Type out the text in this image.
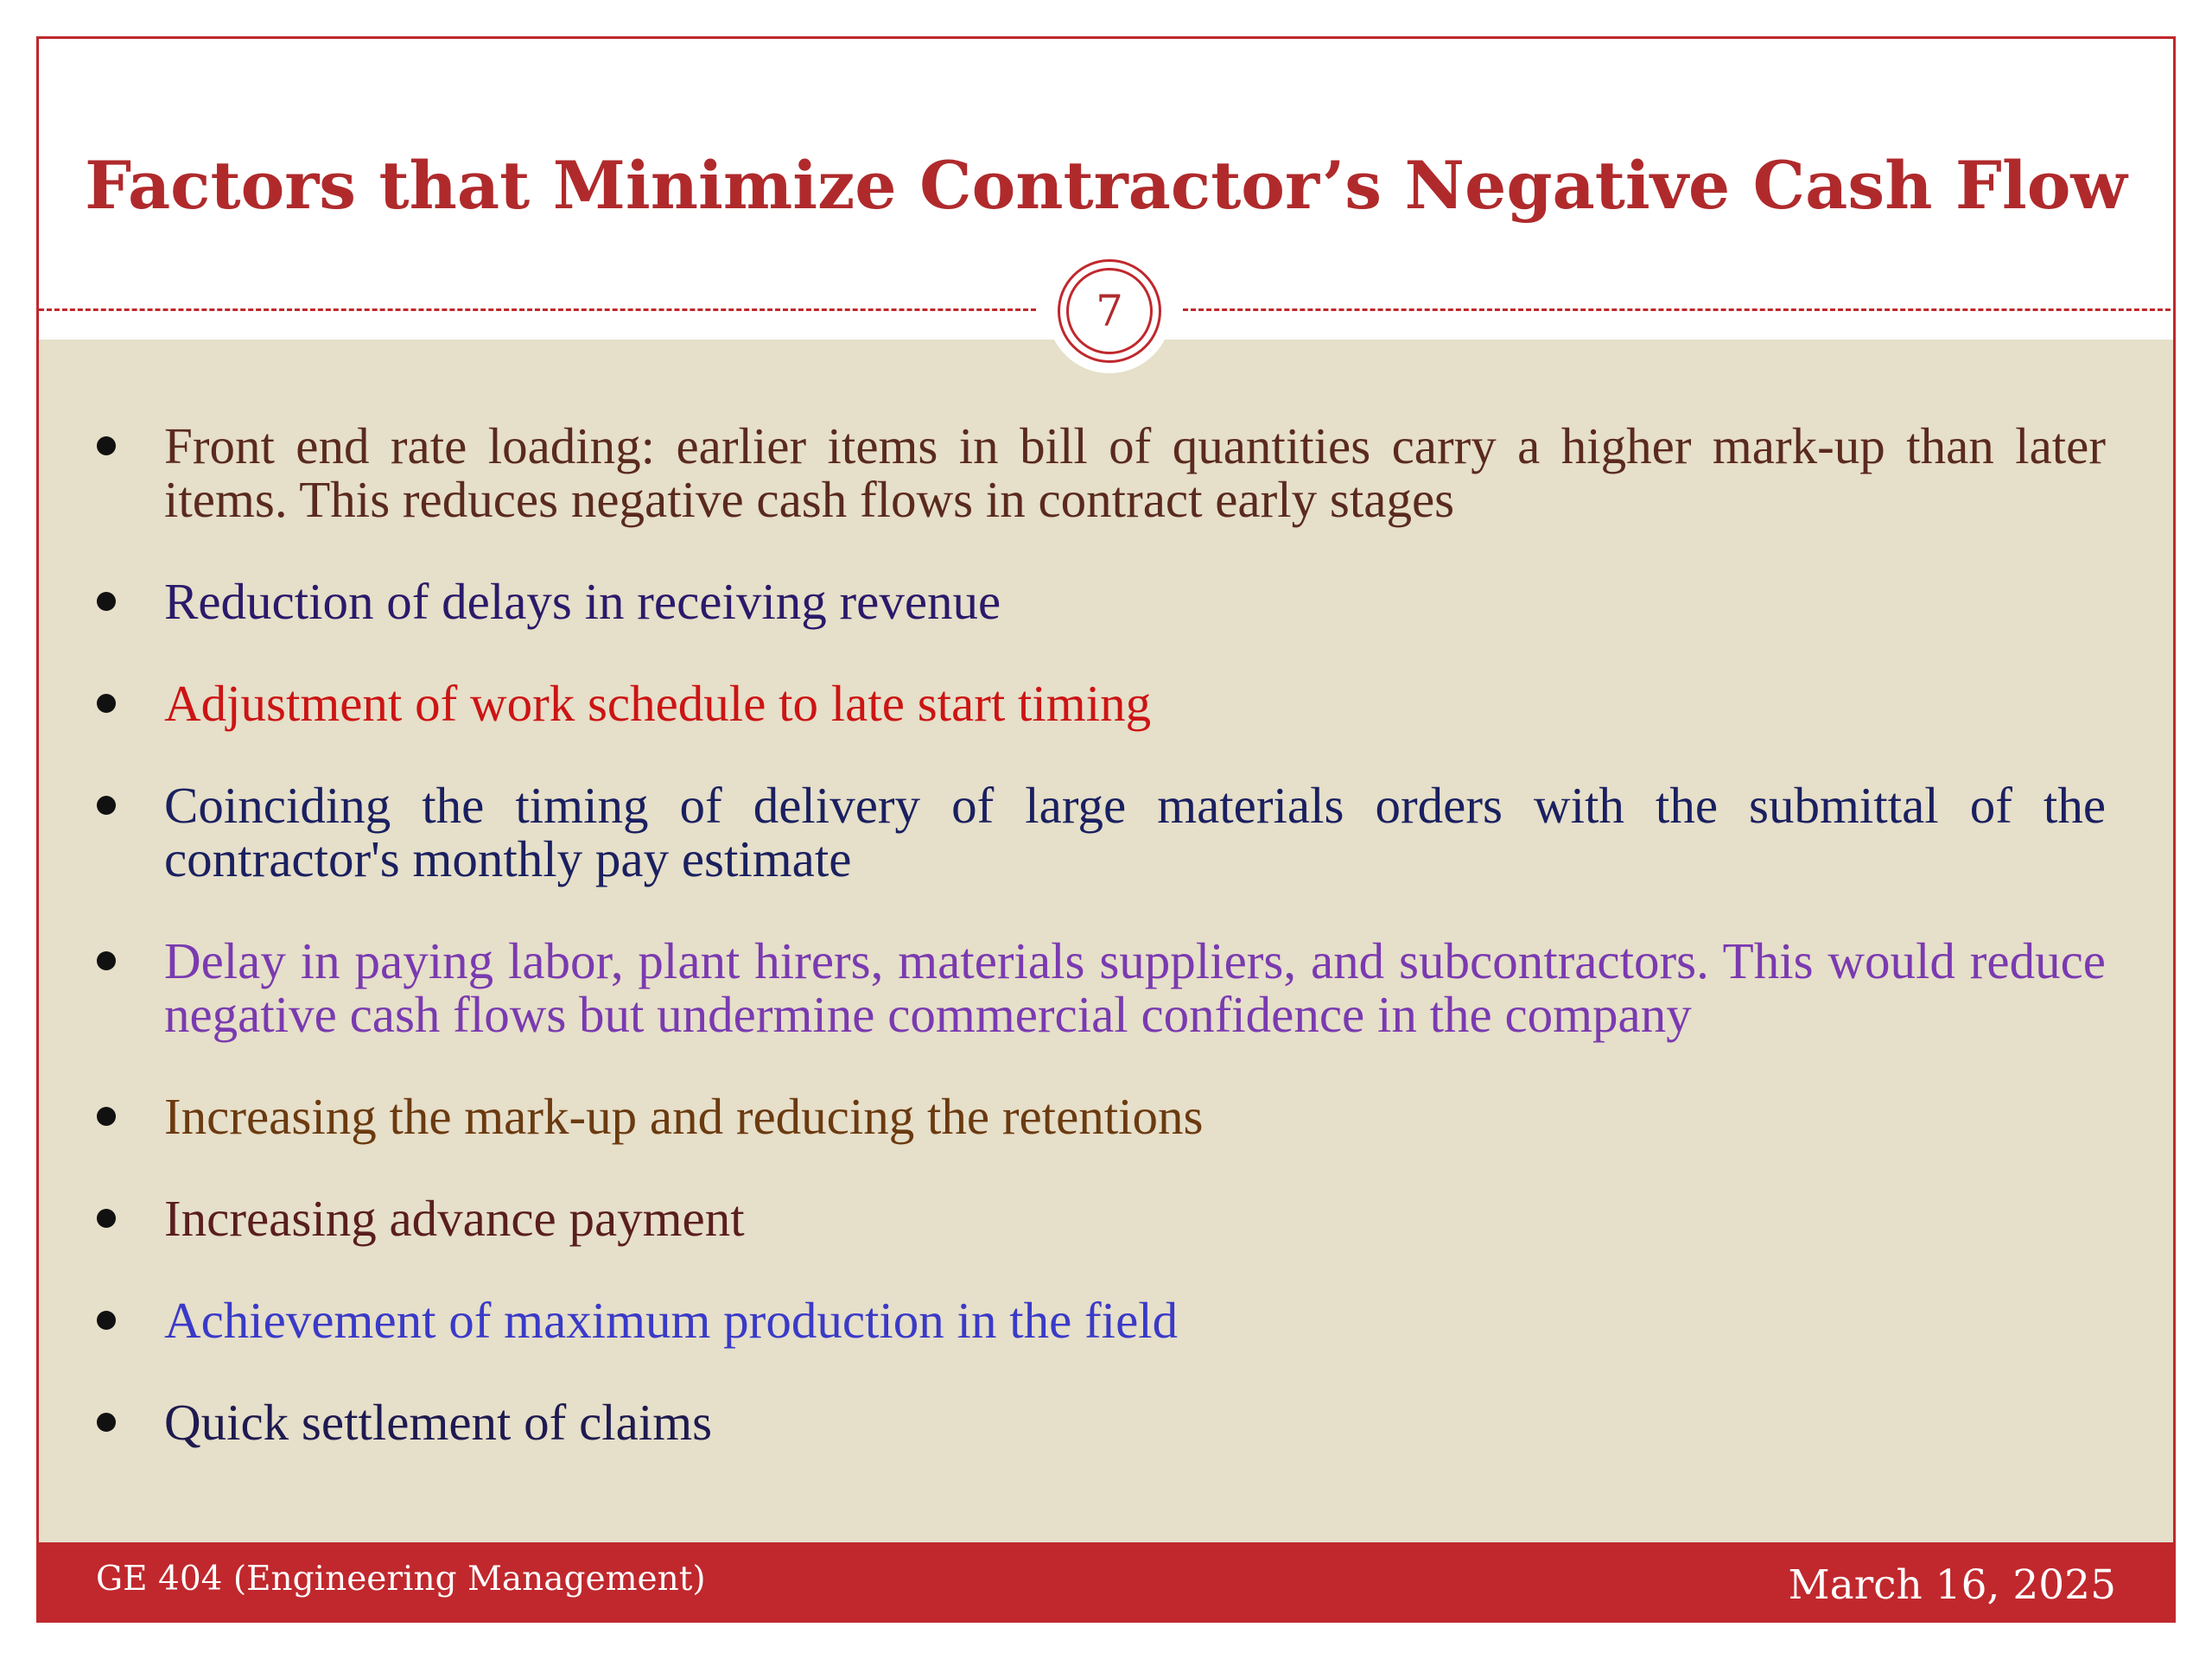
Factors that Minimize Contractor’s Negative Cash Flow
Front end rate loading: earlier items in bill of quantities carry a higher mark-up than later items. This reduces negative cash flows in contract early stages
Reduction of delays in receiving revenue
Adjustment of work schedule to late start timing
Coinciding the timing of delivery of large materials orders with the submittal of the contractor's monthly pay estimate
Delay in paying labor, plant hirers, materials suppliers, and subcontractors. This would reduce negative cash flows but undermine commercial confidence in the company
Increasing the mark-up and reducing the retentions
Increasing advance payment
Achievement of maximum production in the field
Quick settlement of claims
7
GE 404 (Engineering Management)	March 16, 2025
